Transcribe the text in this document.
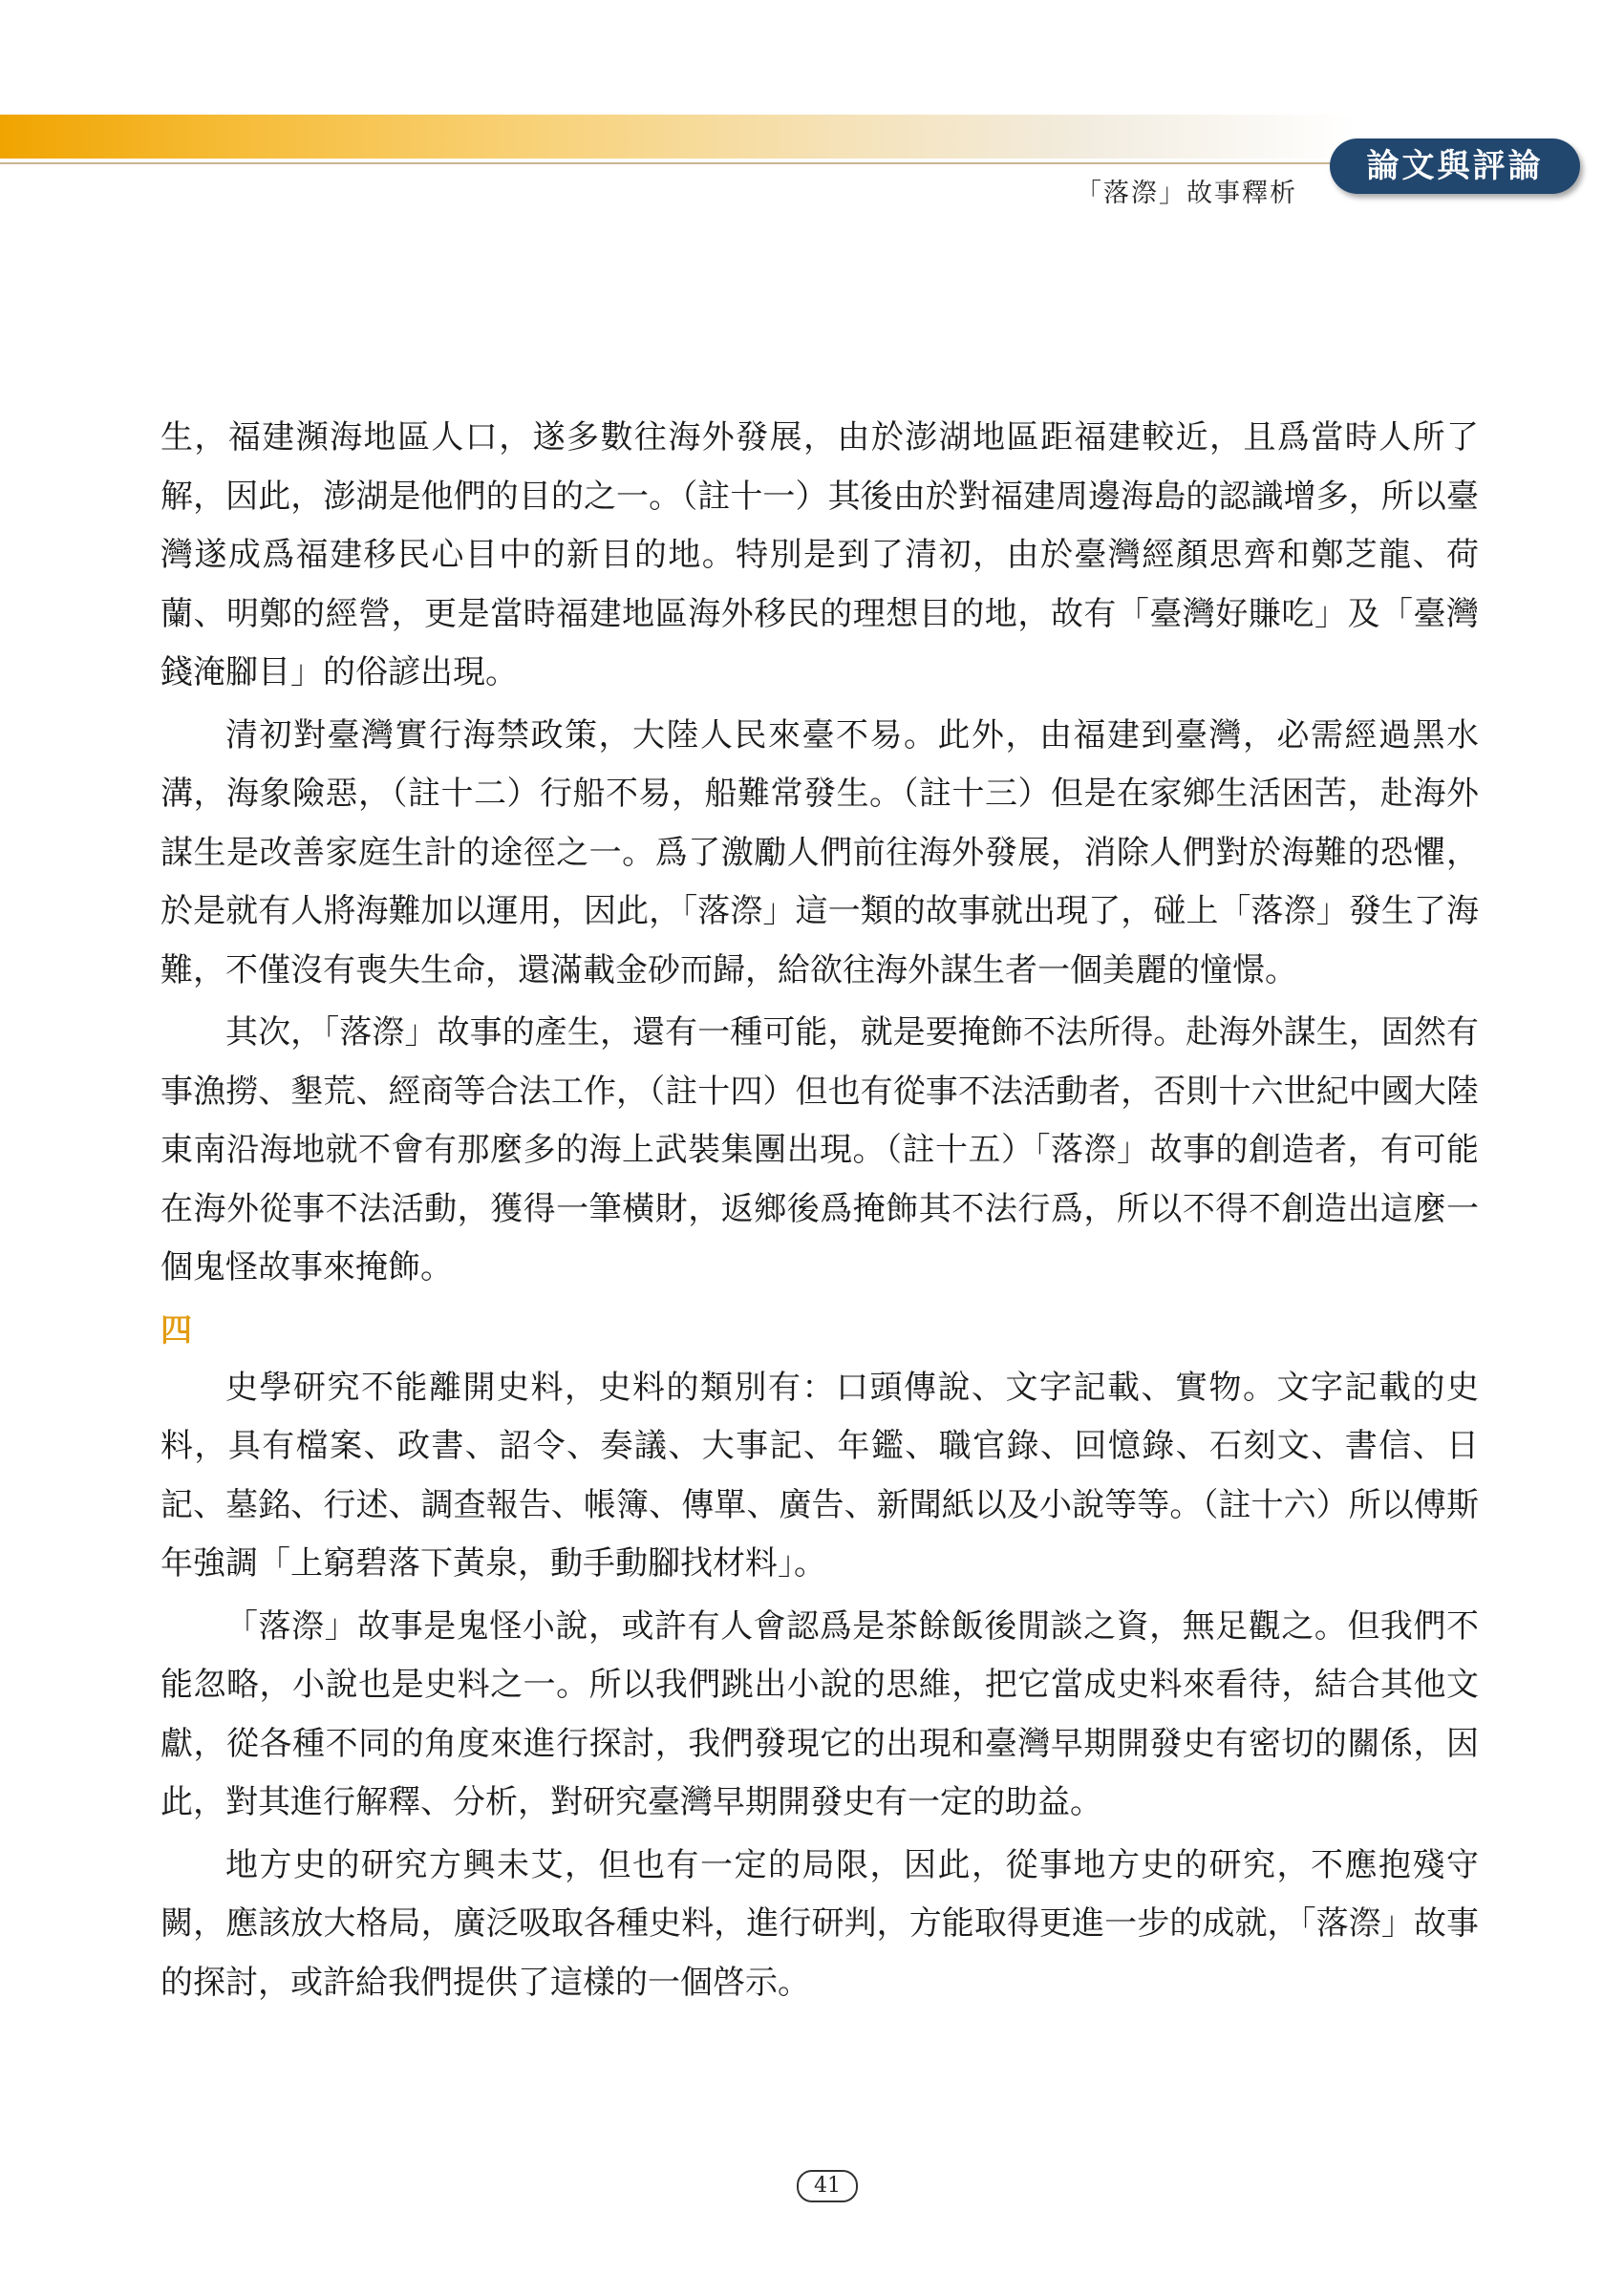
「落漈」故事釋析
論文與評論

生，福建瀕海地區人口，遂多數往海外發展，由於澎湖地區距福建較近，且爲當時人所了解，因此，澎湖是他們的目的之一。（註十一）其後由於對福建周邊海島的認識增多，所以臺灣遂成爲福建移民心目中的新目的地。特別是到了清初，由於臺灣經顏思齊和鄭芝龍、荷蘭、明鄭的經營，更是當時福建地區海外移民的理想目的地，故有「臺灣好賺吃」及「臺灣錢淹腳目」的俗諺出現。

清初對臺灣實行海禁政策，大陸人民來臺不易。此外，由福建到臺灣，必需經過黑水溝，海象險惡，（註十二）行船不易，船難常發生。（註十三）但是在家鄉生活困苦，赴海外謀生是改善家庭生計的途徑之一。爲了激勵人們前往海外發展，消除人們對於海難的恐懼，於是就有人將海難加以運用，因此，「落漈」這一類的故事就出現了，碰上「落漈」發生了海難，不僅沒有喪失生命，還滿載金砂而歸，給欲往海外謀生者一個美麗的憧憬。

其次，「落漈」故事的產生，還有一種可能，就是要掩飾不法所得。赴海外謀生，固然有事漁撈、墾荒、經商等合法工作，（註十四）但也有從事不法活動者，否則十六世紀中國大陸東南沿海地就不會有那麼多的海上武裝集團出現。（註十五）「落漈」故事的創造者，有可能在海外從事不法活動，獲得一筆橫財，返鄉後爲掩飾其不法行爲，所以不得不創造出這麼一個鬼怪故事來掩飾。

四

史學研究不能離開史料，史料的類別有：口頭傳說、文字記載、實物。文字記載的史料，具有檔案、政書、詔令、奏議、大事記、年鑑、職官錄、回憶錄、石刻文、書信、日記、墓銘、行述、調查報告、帳簿、傳單、廣告、新聞紙以及小說等等。（註十六）所以傅斯年強調「上窮碧落下黃泉，動手動腳找材料」。

「落漈」故事是鬼怪小說，或許有人會認爲是茶餘飯後閒談之資，無足觀之。但我們不能忽略，小說也是史料之一。所以我們跳出小說的思維，把它當成史料來看待，結合其他文獻，從各種不同的角度來進行探討，我們發現它的出現和臺灣早期開發史有密切的關係，因此，對其進行解釋、分析，對研究臺灣早期開發史有一定的助益。

地方史的研究方興未艾，但也有一定的局限，因此，從事地方史的研究，不應抱殘守闕，應該放大格局，廣泛吸取各種史料，進行研判，方能取得更進一步的成就，「落漈」故事的探討，或許給我們提供了這樣的一個啓示。

41
